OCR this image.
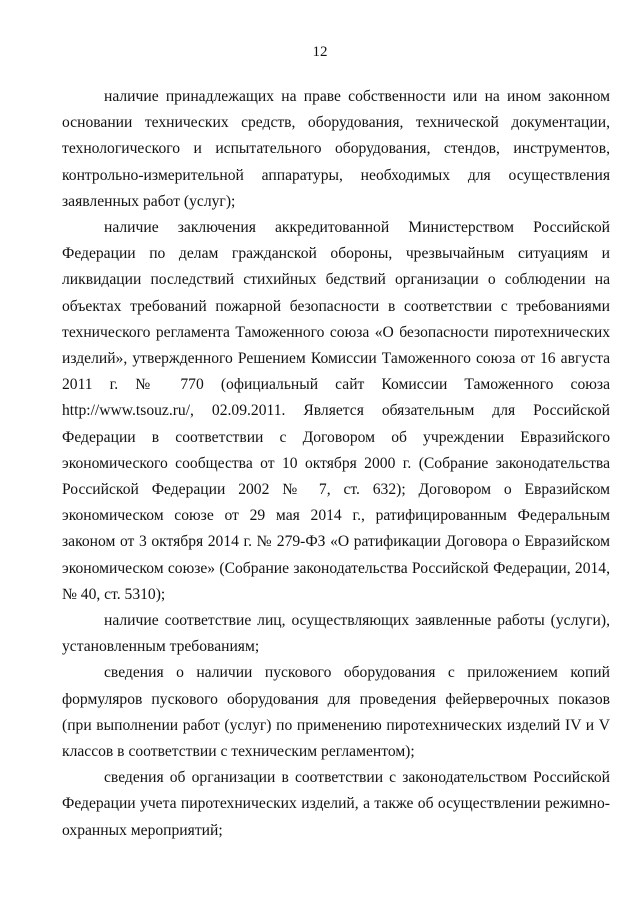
12

наличие принадлежащих на праве собственности или на ином законном основании технических средств, оборудования, технической документации, технологического и испытательного оборудования, стендов, инструментов, контрольно-измерительной аппаратуры, необходимых для осуществления заявленных работ (услуг);

наличие заключения аккредитованной Министерством Российской Федерации по делам гражданской обороны, чрезвычайным ситуациям и ликвидации последствий стихийных бедствий организации о соблюдении на объектах требований пожарной безопасности в соответствии с требованиями технического регламента Таможенного союза «О безопасности пиротехнических изделий», утвержденного Решением Комиссии Таможенного союза от 16 августа 2011 г. № 770 (официальный сайт Комиссии Таможенного союза http://www.tsouz.ru/, 02.09.2011. Является обязательным для Российской Федерации в соответствии с Договором об учреждении Евразийского экономического сообщества от 10 октября 2000 г. (Собрание законодательства Российской Федерации 2002 № 7, ст. 632); Договором о Евразийском экономическом союзе от 29 мая 2014 г., ратифицированным Федеральным законом от 3 октября 2014 г. № 279-ФЗ «О ратификации Договора о Евразийском экономическом союзе» (Собрание законодательства Российской Федерации, 2014, № 40, ст. 5310);

наличие соответствие лиц, осуществляющих заявленные работы (услуги), установленным требованиям;

сведения о наличии пускового оборудования с приложением копий формуляров пускового оборудования для проведения фейерверочных показов (при выполнении работ (услуг) по применению пиротехнических изделий IV и V классов в соответствии с техническим регламентом);

сведения об организации в соответствии с законодательством Российской Федерации учета пиротехнических изделий, а также об осуществлении режимно-охранных мероприятий;
